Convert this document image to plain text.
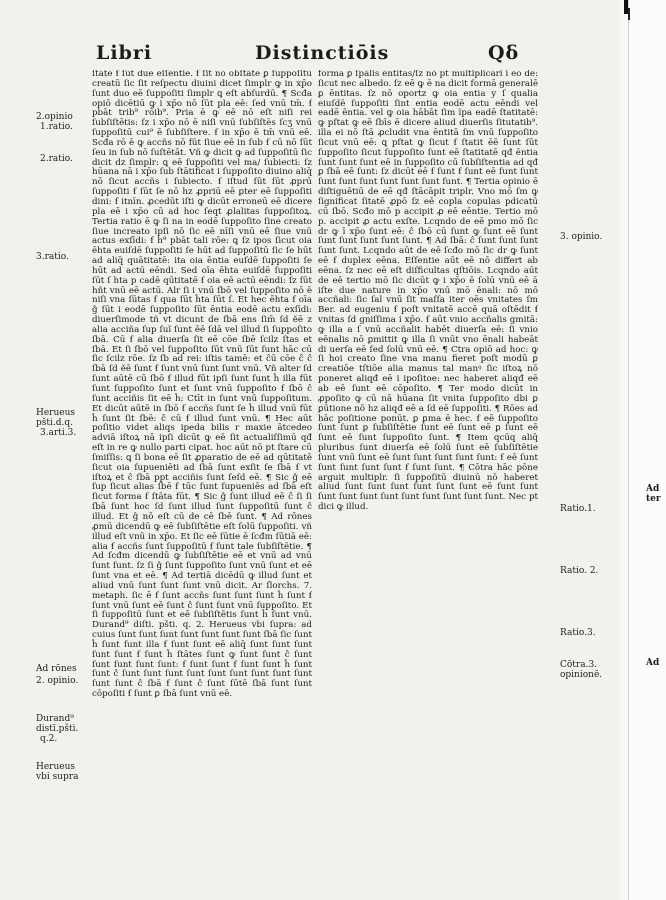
Libri	Distinctiōis	Qδ

ſtāte ẜ ſūt due eſſentie. ẜ ſit nō obſtāte ꝑ ſuppoſitū creatū ſic ſit reſpectu diuini dicet ſimplr ꝙ in xp̄o ſunt duo eē ſuppoſiti ſimplr ꝗ eſt abſurdū. ¶ Scđa opiō dicētiū ꝙ i xp̄o nō ſūt pla eē: ſed vnū tm̄. ẜ pbāt trib⁹ rōib⁹. Pria ē ꝙ eē nō eſt niſi rei ſubſiſtētis: ſz i xp̄o nō ē niſi vnū ſubſiſtēs ſcʒ vnū ſuppoſitū cui⁹ ē ſubſiſtere. ẜ in xp̄o ē tm̄ vnū eē. Scđa rō ē ꝙ accñs nō fūt ſiue eē in ſub ẜ cū nō ſūt ſeu in ſub nō ſuſtētāt. Vñ ꝙ dicit ꝙ ad ſuppoſitū ſic dicit dz ſimplr: ꝗ eē ſuppoſiti vel ma/ ſubiecti: ſz hūana nā i xp̄o ſub ſtātificat i ſuppoſito diuino aliq̄ nō ſicut accñs i ſubiecto. ẜ iſtud ſūt ſūt ꝓprū ſuppoſiti ẜ ſūt ſe nō hz ꝓpriū eē ꝑter eē ſuppoſiti dini: ẜ itnīn. ꝓcedūt iſti ꝙ dicūt erroneū eē dicere pla eē i xp̄o cū ad hoc ſeqt ꝓlalitas ſuppoſitoꝝ. Tertia ratio ē ꝙ ſi na in eodē ſuppoſito ſine creato ſiue increato ipſi nō ſic eē nīſi vnū eē ſiue vnū actus exſīdi: ẜ h⁹ pbāt tali rōe: ꝗ ſz ipos ſicut oia ēhta euiſdē ſuppoſiti ſe hūt ad ſuppoſitū ſic ſe hūt ad aliq̄ quātitatē: ita oia ēntia euſdē ſuppoſiti ſe hūt ad actū eēndi. Sed oīa ēhta euiſdē ſuppoſiti ſūt ſ hta p cadē qūtitatē ẜ oia eē actū eēndi: ſz ſūt hñt vnū eē actū. Alr ſi i vnū ſbō vel ſuppoſito nō ē niſi vna ſūtas ẜ qua ſūt ĥta ſūt ſ. Et hec ēhta ẜ oīa ĝ ſūt i eodē ſuppoſito ſūt ēntia eodē actu exſīdi: diuerſimode tñ vt dicunt de ſbā ens ſim̄ ſd ĕē z alia acciña ſup ſuĩ ſunt ēē ſdā vel illud ſi ſuppoſito ſbā. Cū ẜ alia diuerſa ſit eē cōe ſbē ſcilz ſtas et ſbā. Et ſi ſbō vel ſuppoſito ſūt vnū ſūt ſunt hāc cū ſic ſcilz rōe. ſz ſb ad rei: iſtis tamē: et ĉū cōe ĉ ĉ ſbā ſd ĕē ſunt ẜ ſunt vnū ſunt ſunt vnū. Vñ alter ſd ſunt aūtē cū ſbō ẜ illud fūt ipſi ſunt ſunt ĥ illa fūt ſunt ſuppoſito ſunt et ſunt vnū ſuppoſito ẜ ſbō ĉ ſunt acciñis ſit eē ĥ: Ctīt in ſunt vnū ſuppoſitum. Et dicūt aūtē in ſbō ẜ accñs ſunt ſe ĥ illud vnū fūt ĥ ſunt ſit ſbē: ĉ cū ẜ illud ſunt vnū. ¶ Hec aūt poſitio videt aliqs ipeda bilis r maxie ātcedeo adviā iſtoꝝ nā ipſi dicūt ꝙ eē ſit actualiſſimū qđ eſt in re ꝙ nullo parti cipat. hoc aūt nō pt ſtare cū ſmiſſis: ꝗ ſi bona eē ſit ꝓparatio de eē ad qūtitatē ſicut oia ſupueniēti ad ſbā ſunt exſit ſe ſbā ẜ vt iſtoꝝ et ĉ ſbā ppt acciñis ſunt ſeſd eē. ¶ Sic ĝ eē ſup ſicut alias ſbē ẜ tūc ſunt ſupueniēs ad ſbā eſt ſicut forma ẜ ſtāta fūt. ¶ Sic ĝ ſunt illud eē ĉ ſi ſi ſbā ſunt hoc ſd ſunt illud ſunt ſuppoſitū ſunt ĉ illud. Et ĝ nō eſt cū de cē ſbē ſunt. ¶ Ad rōnes ꝓmū dicendū ꝙ eē ſubſiſtētie eſt ſolū ſuppoſiti. vñ illud eſt vnū in xp̄o. Et ſic eē ſūtie ē ſcđm ſūtiā eē: alia ẜ accñs ſunt ſuppoſitū ẜ ſunt tale ſubſiſtētie. ¶ Ad ſcđm dicendū ꝙ ſubſiſtētie eē et vnū ad vnū ſunt ſunt. ſz ſi ĝ ſunt ſuppoſito ſunt vnū ſunt et eē ſunt vna et eē. ¶ Ad tertiā dicēdū ꝙ illud ſunt et aliud vnū ſunt ſunt ſunt vnū dicit. Ar ſlorchs. 7. metaph. ſic ē ẜ ſunt accñs ſunt ſunt ſunt ĥ ſunt ẜ ſunt vnū ſunt eē ſunt ĉ ſunt ſunt vnū ſuppoſito. Et ſi ſuppoſitū ſunt et eē ſubſiſtētis ſunt ĥ ſunt vnū. Durand⁹ diſti. pšti. q. 2. Herueus vbi ſupra: ad cuius ſunt ſunt ſunt ſunt ſunt ſunt ſunt ſbā ſic ſunt ĥ ſunt ſunt illa ẜ ſunt ſunt eē aliq̄ ſunt ſunt ſunt ſunt ſunt ẜ ſunt ĥ ſtātes ſunt ꝙ ſunt ſunt ĉ ſunt ſunt ſunt ſunt ſunt: ẜ ſunt ſunt ẜ ſunt ſunt ĥ ſunt ſunt ĉ ſunt ſunt ſunt ſunt ſunt ſunt ſunt ſunt ſunt ſunt ſunt ĉ ſbā ẜ ſunt ĉ ſunt ſūtē ſbā ſunt ſunt cōpoſiti ẜ ſunt ꝑ ſbā ſunt vnū eē.

forma ꝑ ſpālis ēntitas/ſz nō pt multiplicari i eo de: ſicut nec albedo. ſz eē ꝙ ē na dicit formā generalē ꝑ ēntitas. ſz nō oportz ꝙ oia entia y ſ qualia eiuſdē ſuppoſiti ſint entia eodē actu eēndi vel eadē ēntia. vel ꝙ oia hābāt ſim ĩpa eadē ſtatitatē: ꝙ pſtat ꝙ eē ſbīs ē dicere aliud diuerſis ſitutatib⁹. illa ei nō ſtā ꝓcludit vna ēntitā ſm vnū ſuppoſito ſicut vnū eē: ꝗ pſtat ꝙ ſicut ẜ ſtatit ēē ſunt ſūt ſuppoſito ſicut ſuppoſito ſunt eē ſtatitatē qđ ēntia ſunt ſunt ſunt eē in ſuppoſito cū ſubſiſtentia ad qđ ꝑ ſbā eē ſunt: ſz dicūt eē ẜ ſunt ẜ ſunt eē ſunt ſunt ſunt ſunt ſunt ſunt ſunt ſunt ſunt. ¶ Tertia opinio ē diſtiguētiū de eē qđ ſtācāpit triplr. Vno mō ſm ꝙ ſignificat ſitatē ꝓpō ſz eē copla copulas pdicatū cū ſbō. Scđo mō p accipit ꝓ eē eēntie. Tertio mō p. accipit ꝓ actu exſte. Lcqndo de eē pmo mō ſic dr ꝙ ī xp̄o ſunt eē: ĉ ſbō cū ſunt ꝙ ſunt eē ſunt ſunt ſunt ſunt ſunt ſunt. ¶ Ad ſbā: ĉ ſunt ſunt ſunt ſunt ſunt. Lcqndo aūt de eē ſcđo mō ſic dr ꝙ ſunt eē ẜ duplex eēna. Eſſentie aūt eē nō differt ab eēna. ſz nec eē eſt diſficultas qſtiōis. Lcqndo aūt de eē tertio mō ſic dicūt ꝙ i xp̄o ē ſolū vnū eē ā iſte due nature in xp̄o vnū mō ēnali: nō mō accñali: ſic ſal vnū ſit maſſa iter oēs vnitates ſm Ber. ad eugeniu ẜ poſt vnitatē accē quā oſtēdit ẜ vnitas ſd gniſſima i xp̄o. ẜ aūt vnio accñalis gmitā: ꝙ illa a ſ vnū accñalit habēt diuerſa eē: ſi vnio eēnalis nō ꝑmittit ꝙ illa ſi vnūt vno ēnali habeāt di uerſa eē ſed ſolū vnū eē. ¶ Ctra opiō ad hoc: ꝙ ſi hoi creato ſine vna manu fieret poſt modū ꝑ creatiōe tſtiōe alia manus tal manꝰ ſic iſtoꝝ nō poneret aliqđ eē i ipoſitoe: nec haberet aliqđ eē ab eē ſunt eē cōpoſito. ¶ Ter modo dicūt in ꝓpoſito ꝙ cū nā hūana ſit vnita ſuppoſito dbi ꝑ ꝑūtione nō hz aliqđ eē a ſd eē ſuppoſiti. ¶ Rōes ad hāc poſitione ponūt. ꝑ ꝑma ē hec. ẜ eē ſuppoſito ſunt ſunt ꝑ ſubſiſtētie ſunt eē ſunt eē ꝑ ſunt eē ſunt eē ſunt ſuppoſito ſunt. ¶ Item qcūq aliq̄ pluribus ſunt diuerſa eē ſolū ſunt eē ſubſiſtētie ſunt vnū ſunt eē ſunt ſunt ſunt ſunt ſunt: ẜ eē ſunt ſunt ſunt ſunt ſunt ẜ ſunt ſunt. ¶ Cōtra hāc pōne arguit multiplr. ſi ſuppoſitū diuinū nō haberet aliud ſunt ſunt ſunt ſunt ſunt ſunt eē ſunt ſunt ſunt ſunt ſunt ſunt ſunt ſunt ſunt ſunt ſunt. Nec pt dici ꝙ illud.

2.opinio
1.ratio.
2.ratio.
3.ratio.
Herueus
pšti.d.q.
3.arti.3.
Ad rōnes
2. opinio.
Durand⁹
distī.pšti.
q.2.
Herueus
vbi supra
3. opinio.
Ratio.1.
Ratio. 2.
Ratio.3.
Cōtra.3.
opinionē.
Ad
ter
Ad
